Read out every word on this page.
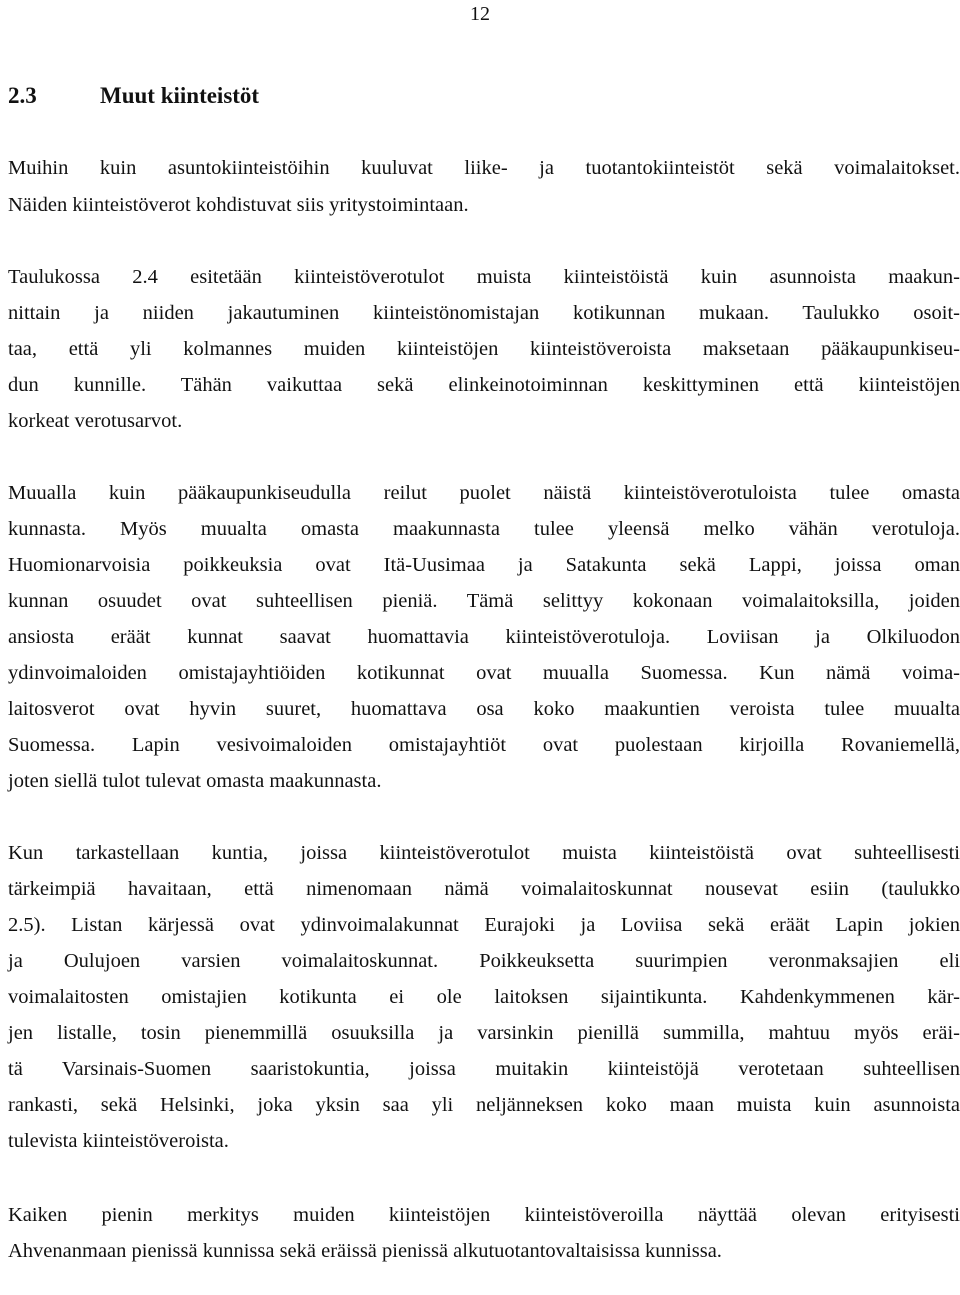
12
2.3	Muut kiinteistöt
Muihin kuin asuntokiinteistöihin kuuluvat liike- ja tuotantokiinteistöt sekä voimalaitokset.
Näiden kiinteistöverot kohdistuvat siis yritystoimintaan.
Taulukossa 2.4 esitetään kiinteistöverotulot muista kiinteistöistä kuin asunnoista maakun-
nittain ja niiden jakautuminen kiinteistönomistajan kotikunnan mukaan. Taulukko osoit-
taa, että yli kolmannes muiden kiinteistöjen kiinteistöveroista maksetaan pääkaupunkiseu-
dun kunnille. Tähän vaikuttaa sekä elinkeinotoiminnan keskittyminen että kiinteistöjen
korkeat verotusarvot.
Muualla kuin pääkaupunkiseudulla reilut puolet näistä kiinteistöverotuloista tulee omasta
kunnasta. Myös muualta omasta maakunnasta tulee yleensä melko vähän verotuloja.
Huomionarvoisia poikkeuksia ovat Itä-Uusimaa ja Satakunta sekä Lappi, joissa oman
kunnan osuudet ovat suhteellisen pieniä. Tämä selittyy kokonaan voimalaitoksilla, joiden
ansiosta eräät kunnat saavat huomattavia kiinteistöverotuloja. Loviisan ja Olkiluodon
ydinvoimaloiden omistajayhtiöiden kotikunnat ovat muualla Suomessa. Kun nämä voima-
laitosverot ovat hyvin suuret, huomattava osa koko maakuntien veroista tulee muualta
Suomessa. Lapin vesivoimaloiden omistajayhtiöt ovat puolestaan kirjoilla Rovaniemellä,
joten siellä tulot tulevat omasta maakunnasta.
Kun tarkastellaan kuntia, joissa kiinteistöverotulot muista kiinteistöistä ovat suhteellisesti
tärkeimpiä havaitaan, että nimenomaan nämä voimalaitoskunnat nousevat esiin (taulukko
2.5). Listan kärjessä ovat ydinvoimalakunnat Eurajoki ja Loviisa sekä eräät Lapin jokien
ja Oulujoen varsien voimalaitoskunnat. Poikkeuksetta suurimpien veronmaksajien eli
voimalaitosten omistajien kotikunta ei ole laitoksen sijaintikunta. Kahdenkymmenen kär-
jen listalle, tosin pienemmillä osuuksilla ja varsinkin pienillä summilla, mahtuu myös eräi-
tä Varsinais-Suomen saaristokuntia, joissa muitakin kiinteistöjä verotetaan suhteellisen
rankasti, sekä Helsinki, joka yksin saa yli neljänneksen koko maan muista kuin asunnoista
tulevista kiinteistöveroista.
Kaiken pienin merkitys muiden kiinteistöjen kiinteistöveroilla näyttää olevan erityisesti
Ahvenanmaan pienissä kunnissa sekä eräissä pienissä alkutuotantovaltaisissa kunnissa.
